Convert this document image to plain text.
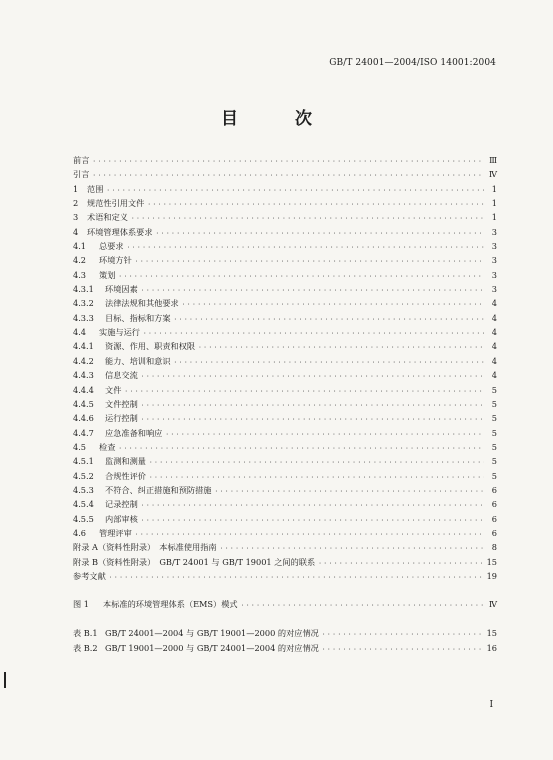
GB/T 24001—2004/ISO 14001:2004
目　次
前言 ·····	Ⅲ
引言 ·····	Ⅳ
1	范围 ·····	1
2	规范性引用文件 ·····	1
3	术语和定义 ·····	1
4	环境管理体系要求 ·····	3
4.1	总要求 ·····	3
4.2	环境方针 ·····	3
4.3	策划 ·····	3
4.3.1	环境因素 ·····	3
4.3.2	法律法规和其他要求 ·····	4
4.3.3	目标、指标和方案 ·····	4
4.4	实施与运行 ·····	4
4.4.1	资源、作用、职责和权限 ·····	4
4.4.2	能力、培训和意识 ·····	4
4.4.3	信息交流 ·····	4
4.4.4	文件 ·····	5
4.4.5	文件控制 ·····	5
4.4.6	运行控制 ·····	5
4.4.7	应急准备和响应 ·····	5
4.5	检查 ·····	5
4.5.1	监测和测量 ·····	5
4.5.2	合规性评价 ·····	5
4.5.3	不符合、纠正措施和预防措施 ·····	6
4.5.4	记录控制 ·····	6
4.5.5	内部审核 ·····	6
4.6	管理评审 ·····	6
附录 A（资料性附录）　本标准使用指南 ·····	8
附录 B（资料性附录）　GB/T 24001 与 GB/T 19001 之间的联系 ·····	15
参考文献 ·····	19
图 1	本标准的环境管理体系（EMS）模式 ·····	Ⅳ
表 B.1 GB/T 24001—2004 与 GB/T 19001—2000 的对应情况 ·····	15
表 B.2 GB/T 19001—2000 与 GB/T 24001—2004 的对应情况 ·····	16
I
